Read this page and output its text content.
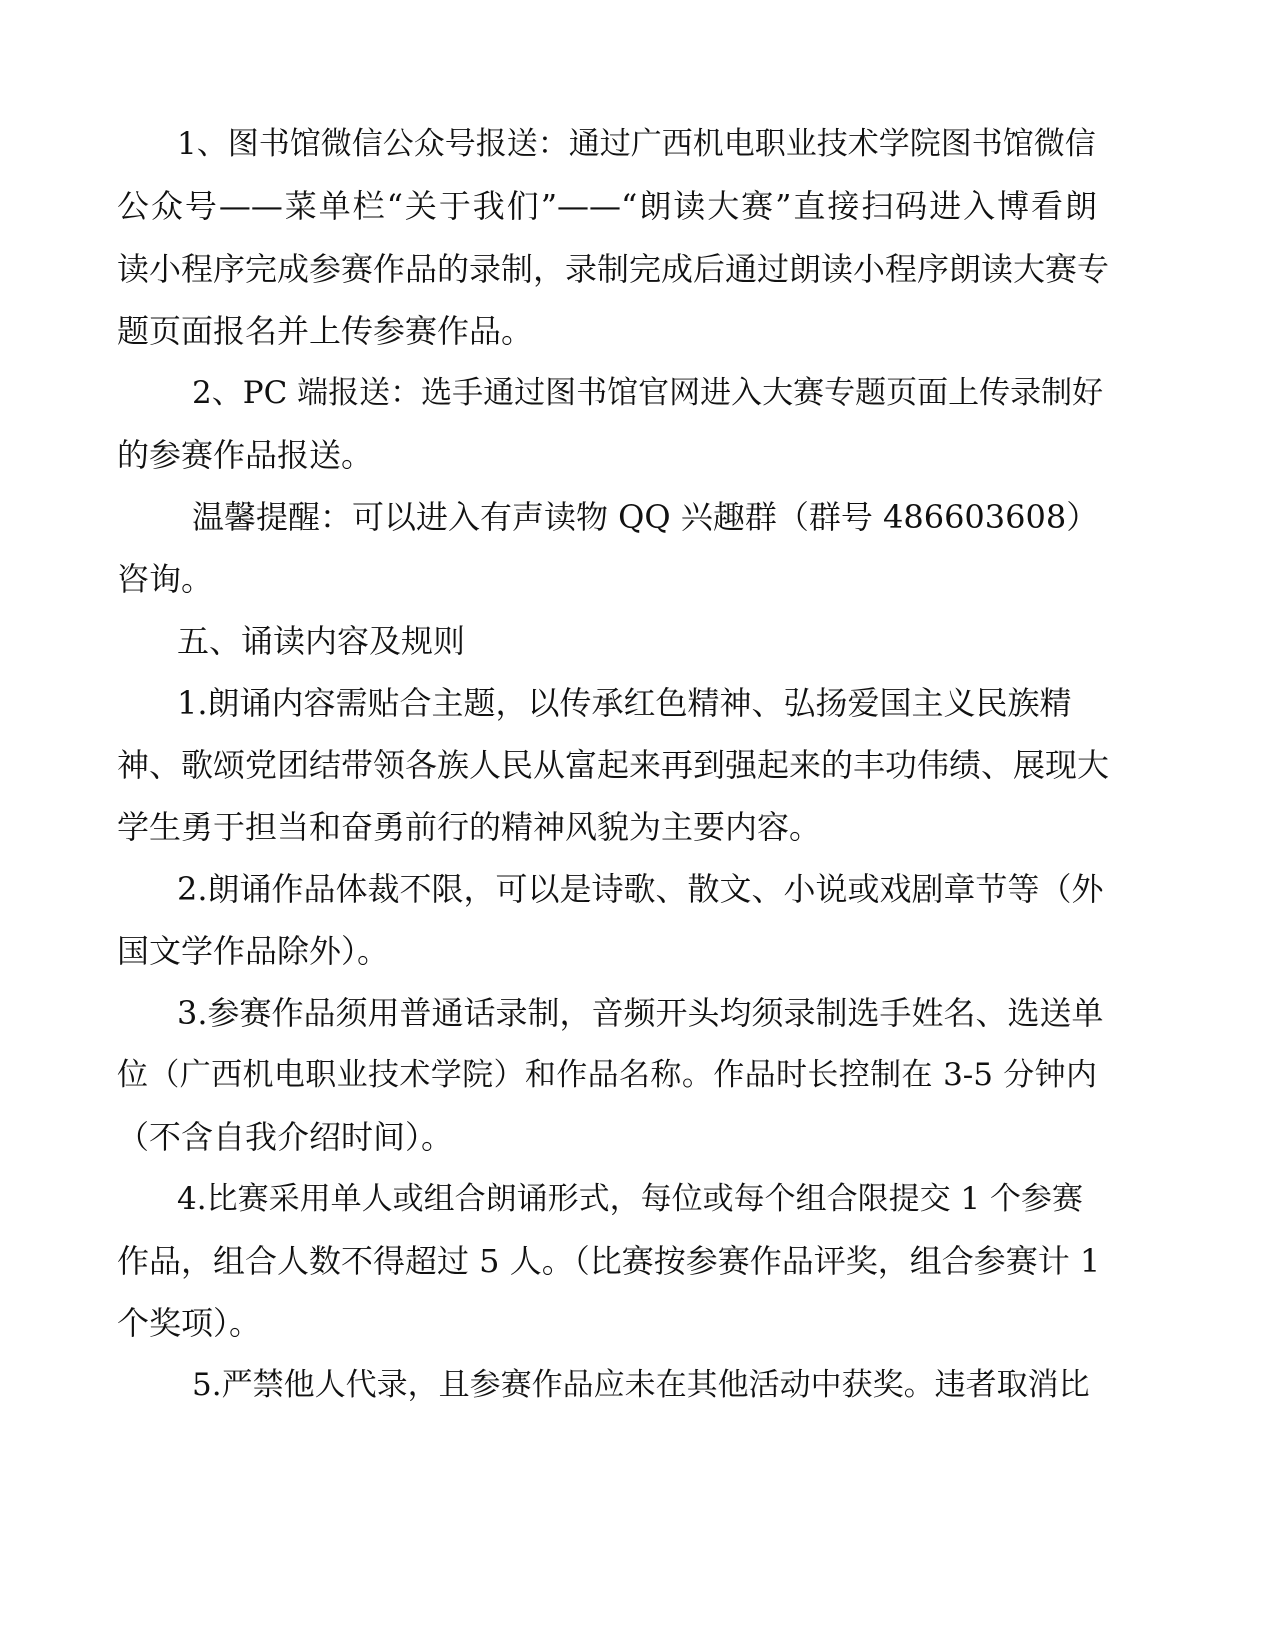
1、图书馆微信公众号报送：通过广西机电职业技术学院图书馆微信
公众号——菜单栏“关于我们”——“朗读大赛”直接扫码进入博看朗
读小程序完成参赛作品的录制，录制完成后通过朗读小程序朗读大赛专
题页面报名并上传参赛作品。
2、PC 端报送：选手通过图书馆官网进入大赛专题页面上传录制好
的参赛作品报送。
温馨提醒：可以进入有声读物 QQ 兴趣群（群号 486603608）
咨询。
五、诵读内容及规则
1.朗诵内容需贴合主题，以传承红色精神、弘扬爱国主义民族精
神、歌颂党团结带领各族人民从富起来再到强起来的丰功伟绩、展现大
学生勇于担当和奋勇前行的精神风貌为主要内容。
2.朗诵作品体裁不限，可以是诗歌、散文、小说或戏剧章节等（外
国文学作品除外）。
3.参赛作品须用普通话录制，音频开头均须录制选手姓名、选送单
位（广西机电职业技术学院）和作品名称。作品时长控制在 3-5 分钟内
（不含自我介绍时间）。
4.比赛采用单人或组合朗诵形式，每位或每个组合限提交 1 个参赛
作品，组合人数不得超过 5 人。（比赛按参赛作品评奖，组合参赛计 1
个奖项）。
5.严禁他人代录，且参赛作品应未在其他活动中获奖。违者取消比
